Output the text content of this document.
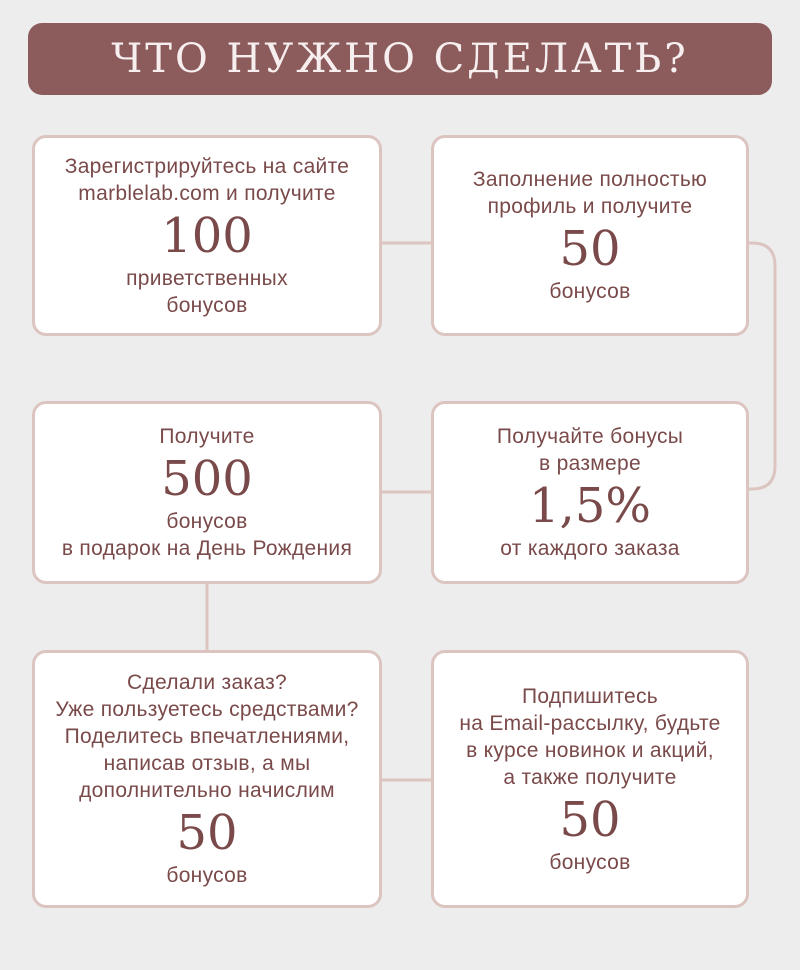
ЧТО НУЖНО СДЕЛАТЬ?
Зарегистрируйтесь на сайте
marblelab.com и получите
100
приветственных
бонусов
Заполнение полностью
профиль и получите
50
бонусов
Получите
500
бонусов
в подарок на День Рождения
Получайте бонусы
в размере
1,5%
от каждого заказа
Сделали заказ?
Уже пользуетесь средствами?
Поделитесь впечатлениями,
написав отзыв, а мы
дополнительно начислим
50
бонусов
Подпишитесь
на Email-рассылку, будьте
в курсе новинок и акций,
а также получите
50
бонусов
